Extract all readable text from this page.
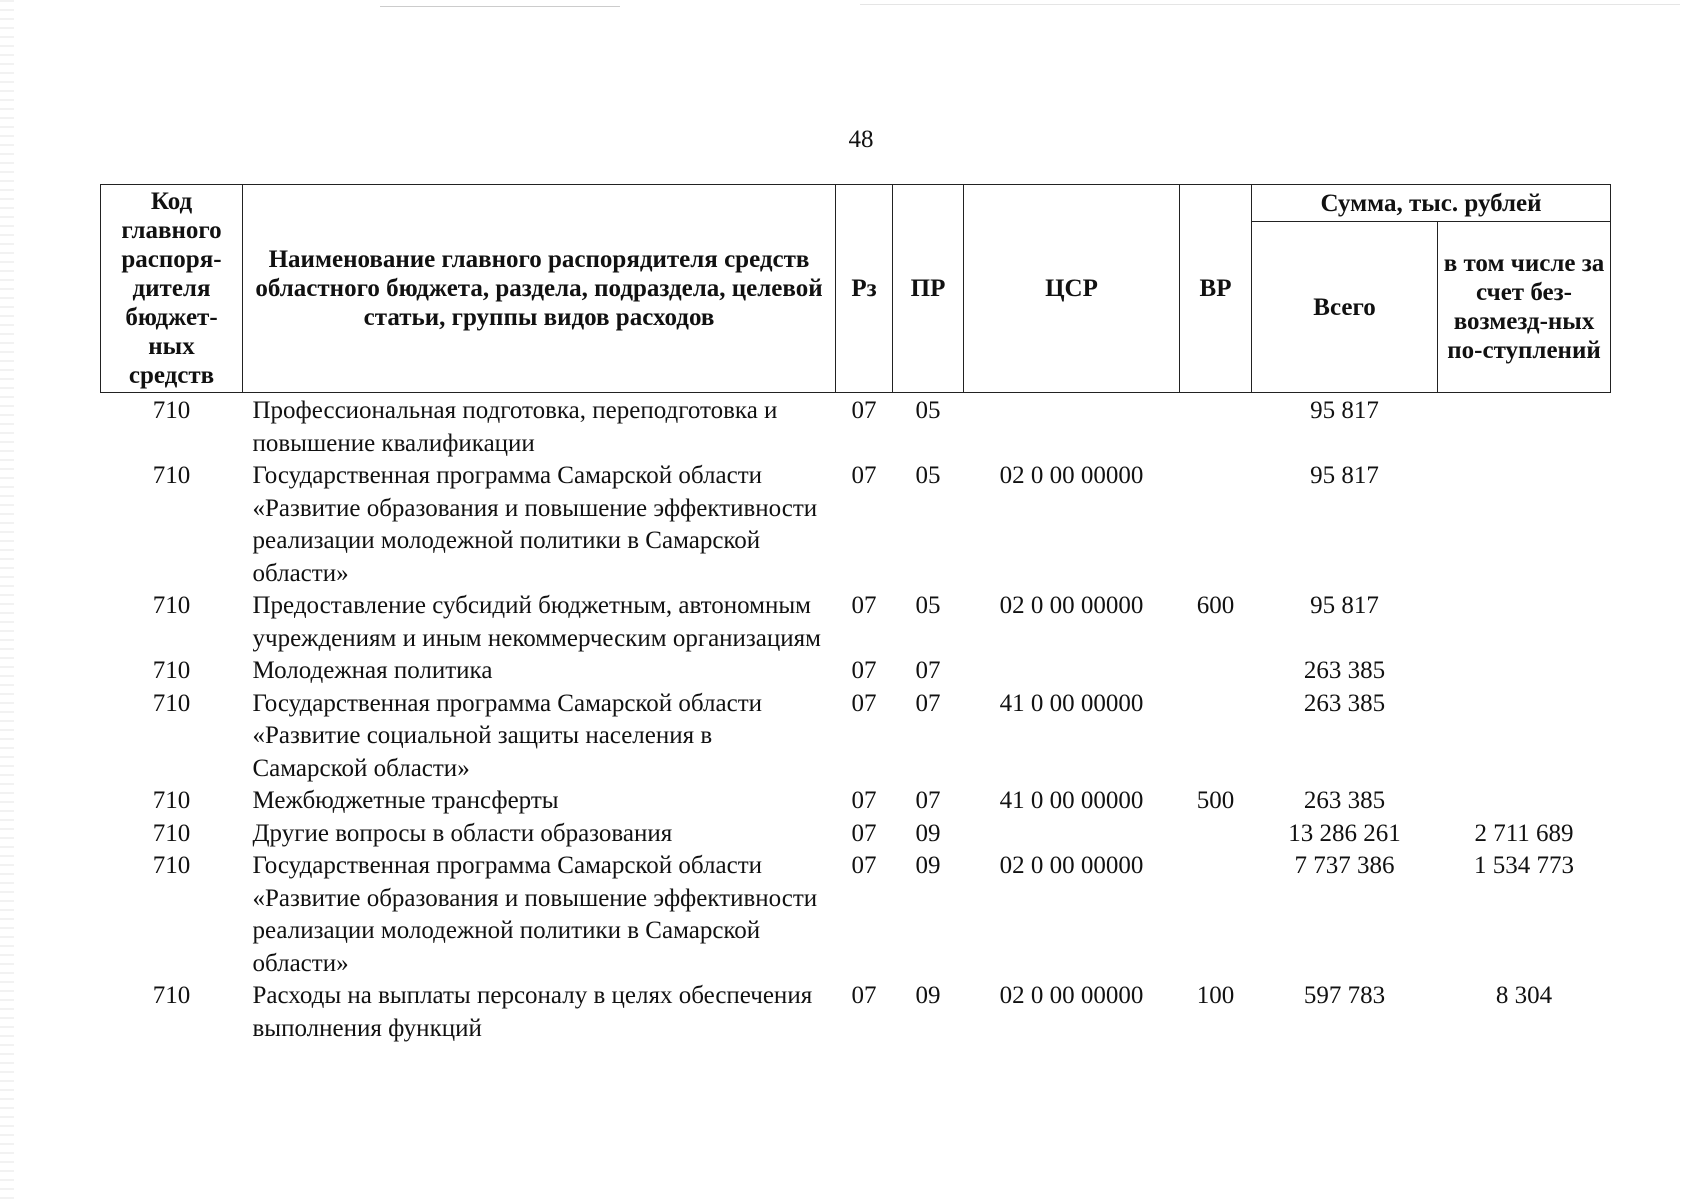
48
Код главного распоря-дителя бюджет-ных средств	Наименование главного распорядителя средств областного бюджета, раздела, подраздела, целевой статьи, группы видов расходов	Рз	ПР	ЦСР	ВР	Сумма, тыс. рублей	
						Всего	в том числе за счет без-возмезд-ных по-ступлений
710	Профессиональная подготовка, переподготовка и повышение квалификации	07	05			95 817	
710	Государственная программа Самарской области «Развитие образования и повышение эффективности реализации молодежной политики в Самарской области»	07	05	02 0 00 00000		95 817	
710	Предоставление субсидий бюджетным, автономным учреждениям и иным некоммерческим организациям	07	05	02 0 00 00000	600	95 817	
710	Молодежная политика	07	07			263 385	
710	Государственная программа Самарской области «Развитие социальной защиты населения в Самарской области»	07	07	41 0 00 00000		263 385	
710	Межбюджетные трансферты	07	07	41 0 00 00000	500	263 385	
710	Другие вопросы в области образования	07	09			13 286 261	2 711 689
710	Государственная программа Самарской области «Развитие образования и повышение эффективности реализации молодежной политики в Самарской области»	07	09	02 0 00 00000		7 737 386	1 534 773
710	Расходы на выплаты персоналу в целях обеспечения выполнения функций	07	09	02 0 00 00000	100	597 783	8 304
